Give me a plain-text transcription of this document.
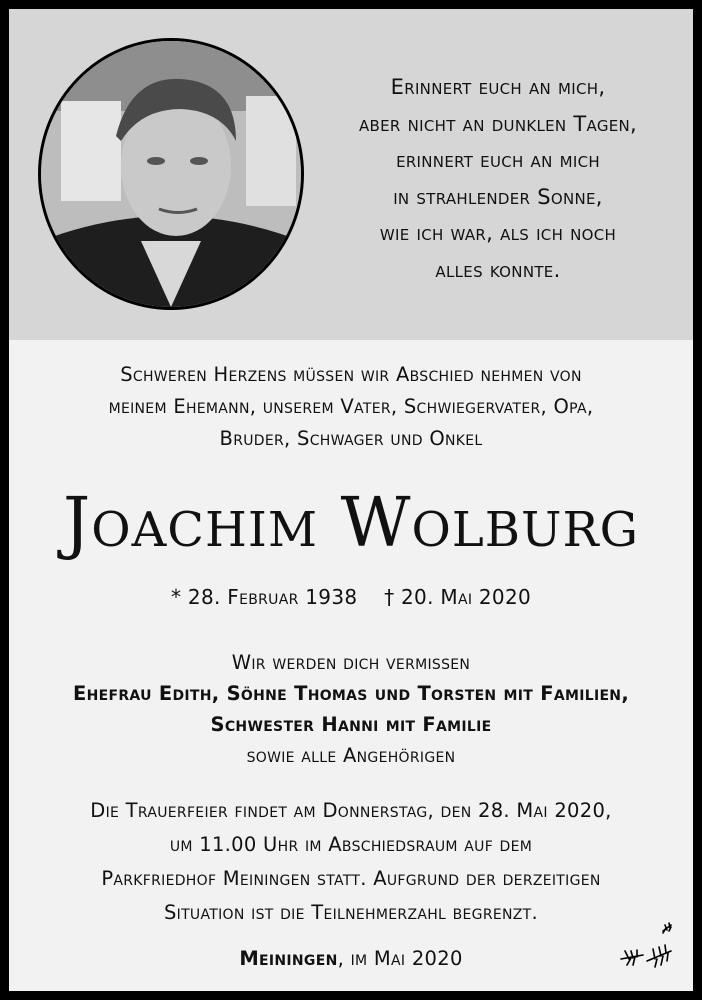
Erinnert euch an mich,
aber nicht an dunklen Tagen,
erinnert euch an mich
in strahlender Sonne,
wie ich war, als ich noch
alles konnte.
Schweren Herzens müssen wir Abschied nehmen von
meinem Ehemann, unserem Vater, Schwiegervater, Opa,
Bruder, Schwager und Onkel
Joachim Wolburg
* 28. Februar 1938 † 20. Mai 2020
Wir werden dich vermissen
Ehefrau Edith, Söhne Thomas und Torsten mit Familien,
Schwester Hanni mit Familie
sowie alle Angehörigen
Die Trauerfeier findet am Donnerstag, den 28. Mai 2020,
um 11.00 Uhr im Abschiedsraum auf dem
Parkfriedhof Meiningen statt. Aufgrund der derzeitigen
Situation ist die Teilnehmerzahl begrenzt.
Meiningen, im Mai 2020
